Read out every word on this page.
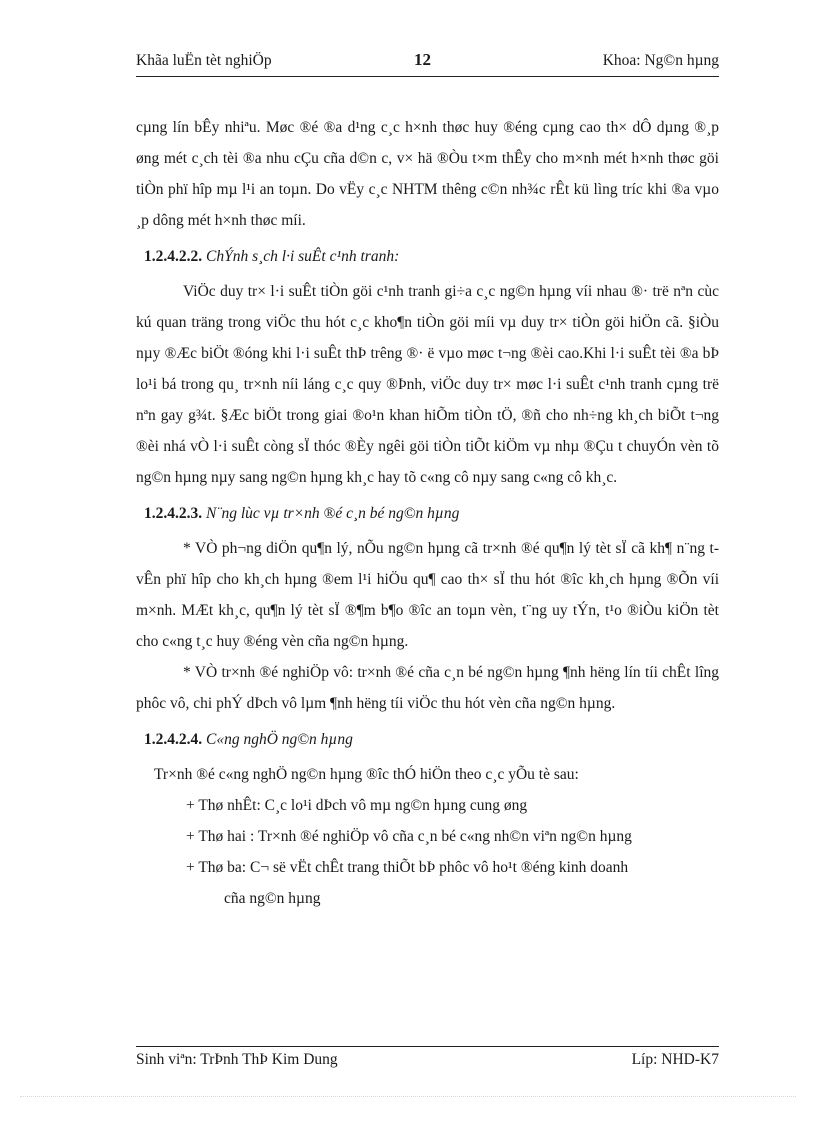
Khãa luËn tèt nghiÖp	12	Khoa: Ng©n hµng

cµng lín bÊy nhiªu. Møc ®é ®a d¹ng c¸c h×nh thøc huy ®éng cµng cao th× dÔ dµng ®¸p øng mét c¸ch tèi ®a nhu cÇu cña d©n c, v× hä ®Òu t×m thÊy cho m×nh mét h×nh thøc göi tiÒn phï hîp mµ l¹i an toµn. Do vËy c¸c NHTM thêng c©n nh¾c rÊt kü lìng tríc khi ®a vµo ¸p dông mét h×nh thøc míi.

1.2.4.2.2. ChÝnh s¸ch l·i suÊt c¹nh tranh:

ViÖc duy tr× l·i suÊt tiÒn göi c¹nh tranh gi÷a c¸c ng©n hµng víi nhau ®· trë nªn cùc kú quan träng trong viÖc thu hót c¸c kho¶n tiÒn göi míi vµ duy tr× tiÒn göi hiÖn cã. §iÒu nµy ®Æc biÖt ®óng khi l·i suÊt thÞ trêng ®· ë vµo møc t¬ng ®èi cao.Khi l·i suÊt tèi ®a bÞ lo¹i bá trong qu¸ tr×nh níi láng c¸c quy ®Þnh, viÖc duy tr× møc l·i suÊt c¹nh tranh cµng trë nªn gay g¾t. §Æc biÖt trong giai ®o¹n khan hiÕm tiÒn tÖ, ®ñ cho nh÷ng kh¸ch biÕt t¬ng ®èi nhá vÒ l·i suÊt còng sÏ thóc ®Èy ngêi göi tiÒn tiÕt kiÖm vµ nhµ ®Çu t chuyÓn vèn tõ ng©n hµng nµy sang ng©n hµng kh¸c hay tõ c«ng cô nµy sang c«ng cô kh¸c.

1.2.4.2.3. N¨ng lùc vµ tr×nh ®é c¸n bé ng©n hµng

* VÒ ph¬ng diÖn qu¶n lý, nÕu ng©n hµng cã tr×nh ®é qu¶n lý tèt sÏ cã kh¶ n¨ng t vÊn phï hîp cho kh¸ch hµng ®em l¹i hiÖu qu¶ cao th× sÏ thu hót ®îc kh¸ch hµng ®Õn víi m×nh. MÆt kh¸c, qu¶n lý tèt sÏ ®¶m b¶o ®îc an toµn vèn, t¨ng uy tÝn, t¹o ®iÒu kiÖn tèt cho c«ng t¸c huy ®éng vèn cña ng©n hµng.

* VÒ tr×nh ®é nghiÖp vô: tr×nh ®é cña c¸n bé ng©n hµng ¶nh hëng lín tíi chÊt lîng phôc vô, chi phÝ dÞch vô lµm ¶nh hëng tíi viÖc thu hót vèn cña ng©n hµng.

1.2.4.2.4. C«ng nghÖ ng©n hµng

Tr×nh ®é c«ng nghÖ ng©n hµng ®îc thÓ hiÖn theo c¸c yÕu tè sau:

+ Thø nhÊt: C¸c lo¹i dÞch vô mµ ng©n hµng cung øng

+ Thø hai : Tr×nh ®é nghiÖp vô cña c¸n bé c«ng nh©n viªn ng©n hµng

+ Thø ba: C¬ së vËt chÊt trang thiÕt bÞ phôc vô ho¹t ®éng kinh doanh

cña ng©n hµng

Sinh viªn: TrÞnh ThÞ Kim Dung	Líp: NHD-K7
